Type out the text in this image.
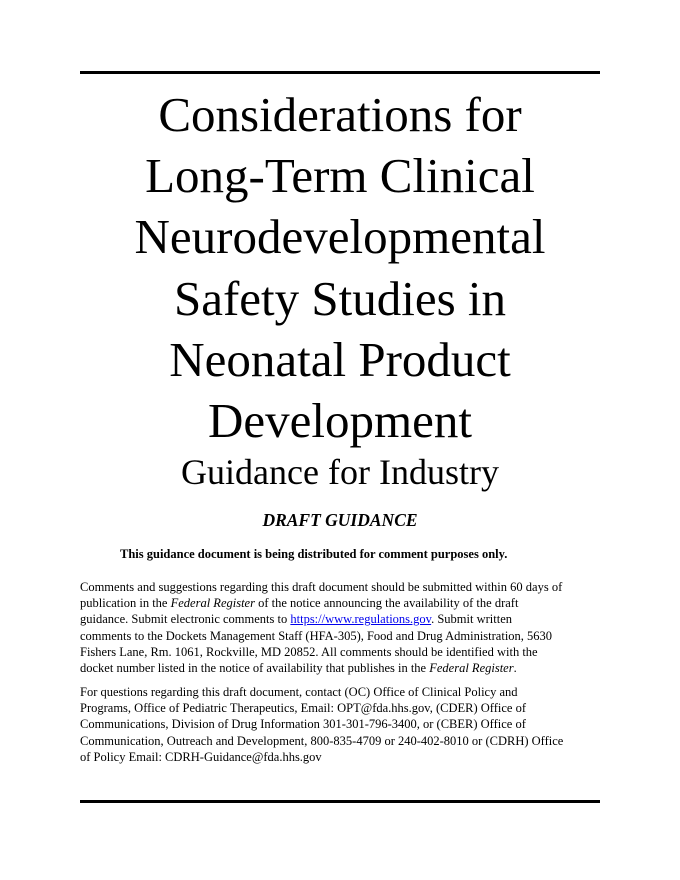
Considerations for
Long-Term Clinical
Neurodevelopmental
Safety Studies in
Neonatal Product
Development
Guidance for Industry

DRAFT GUIDANCE

This guidance document is being distributed for comment purposes only.

Comments and suggestions regarding this draft document should be submitted within 60 days of
publication in the Federal Register of the notice announcing the availability of the draft
guidance. Submit electronic comments to https://www.regulations.gov. Submit written
comments to the Dockets Management Staff (HFA-305), Food and Drug Administration, 5630
Fishers Lane, Rm. 1061, Rockville, MD 20852. All comments should be identified with the
docket number listed in the notice of availability that publishes in the Federal Register.

For questions regarding this draft document, contact (OC) Office of Clinical Policy and
Programs, Office of Pediatric Therapeutics, Email: OPT@fda.hhs.gov, (CDER) Office of
Communications, Division of Drug Information 301-301-796-3400, or (CBER) Office of
Communication, Outreach and Development, 800-835-4709 or 240-402-8010 or (CDRH) Office
of Policy Email: CDRH-Guidance@fda.hhs.gov
